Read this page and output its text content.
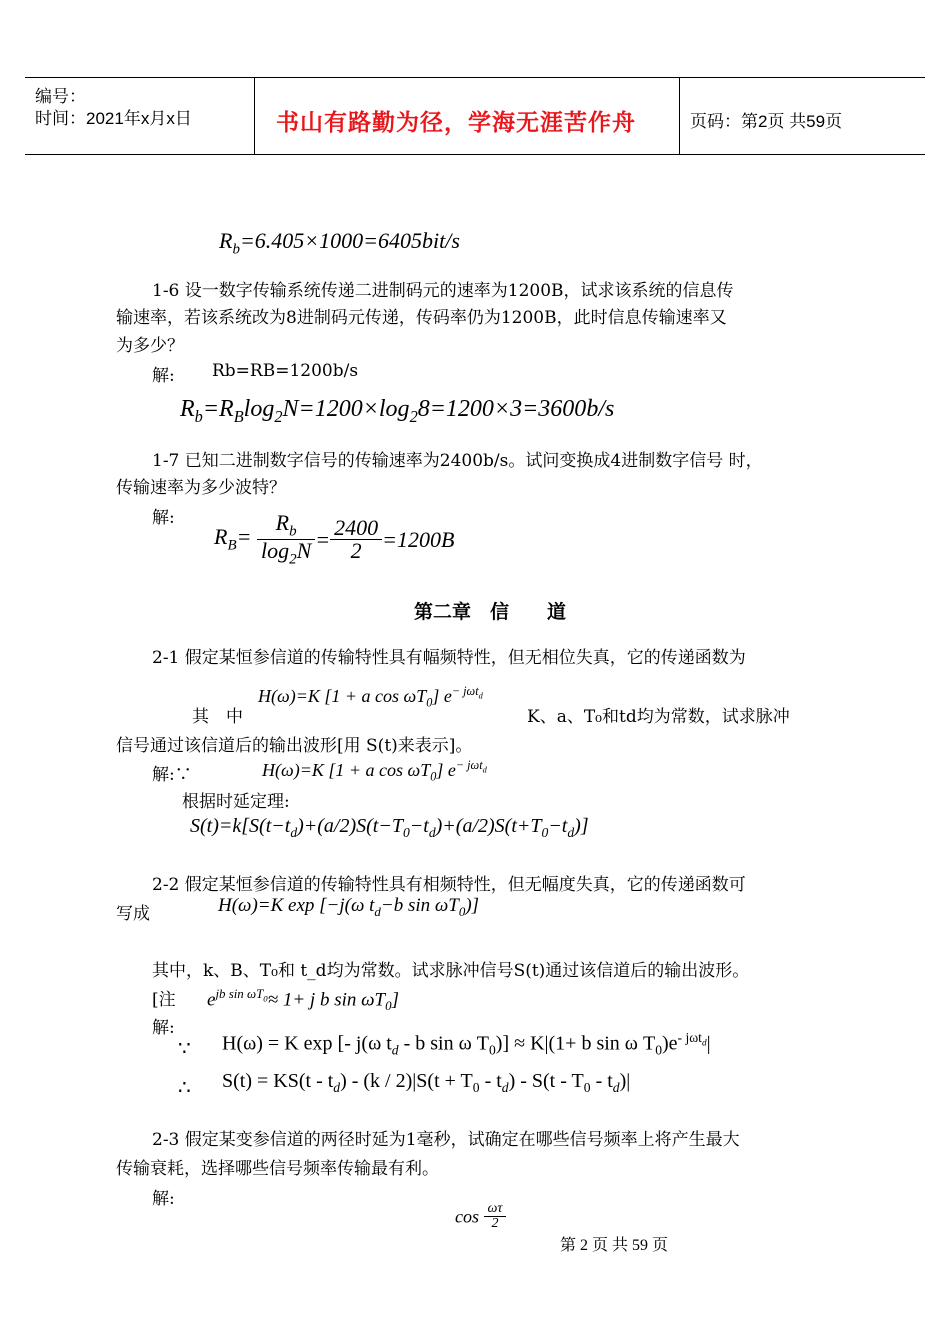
编号：
时间：2021年x月x日	书山有路勤为径，学海无涯苦作舟	页码：第2页 共59页
$R_b=6.405\times 1000=6405bit/s$
1-6 设一数字传输系统传递二进制码元的速率为1200B，试求该系统的信息传
输速率，若该系统改为8进制码元传递，传码率仍为1200B，此时信息传输速率又
为多少？
解: Rb=RB=1200b/s
$R_b=R_B\log_2N=1200\times\log_28=1200\times 3=3600b/s$
1-7 已知二进制数字信号的传输速率为2400b/s。试问变换成4进制数字信号 时，
传输速率为多少波特？
解:
$R_B= \frac{R_b}{\log_2N} = \frac{2400}{2} =1200B$
第二章　信　　道
2-1 假定某恒参信道的传输特性具有幅频特性，但无相位失真，它的传递函数为
其　中
H(ω)=K [1 + a $\cos \omega T_0$] $e^{- j\omega t_d}$
K、a、T₀和td均为常数，试求脉冲
信号通过该信道后的输出波形[用 S(t)来表示]。
解:∵	H(ω)=K [1 + a $\cos \omega T_0$] $e^{- j\omega t_d}$
根据时延定理:
$S(t)=k[S(t-t_d)+(a/2)S(t-T_0-t_d)+(a/2)S(t+T_0-t_d)]$
2-2 假定某恒参信道的传输特性具有相频特性，但无幅度失真，它的传递函数可
写成	H(ω)=K exp [−j(ω $t_d-b$ $\sin \omega T_0$)]
其中，k、B、T₀和 t_d均为常数。试求脉冲信号S(t)通过该信道后的输出波形。
[注 $e^{jb sin \omega T_0}\approx 1+ j$ b $\sin \omega T_0$]
解:
∵ H(ω) = K exp [- j(ω $t_d$ - b sin ω $T_0)] \approx K|(1+ b$ sin ω $T_0)e^{- j\omega t_d}|$
∴ $S(t) = KS(t - t_d) - (k / 2)|S(t + T_0 - t_d) - S(t - T_0 - t_d)|$
2-3 假定某变参信道的两径时延为1毫秒，试确定在哪些信号频率上将产生最大
传输衰耗，选择哪些信号频率传输最有利。
解:
$\cos \frac{\omega\tau}{2}$
第 2 页 共 59 页
